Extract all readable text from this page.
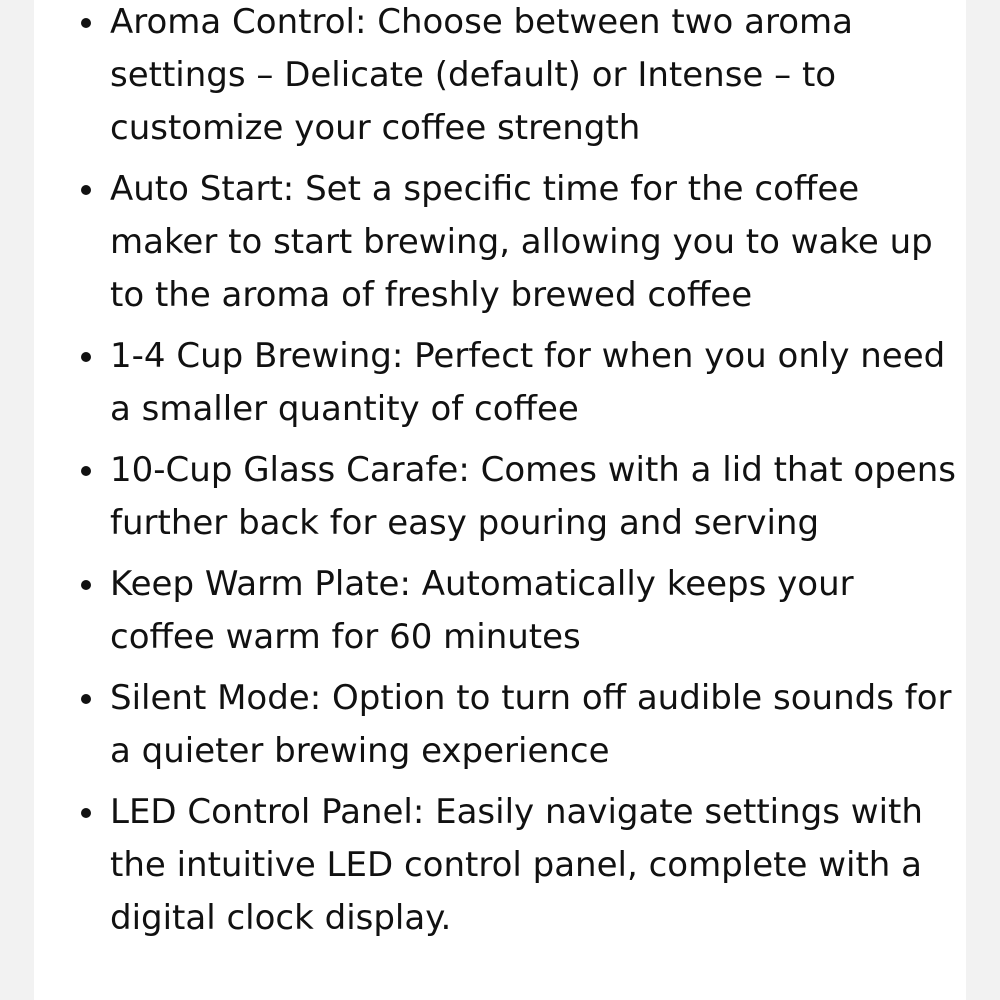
Aroma Control: Choose between two aroma settings – Delicate (default) or Intense – to customize your coffee strength
Auto Start: Set a specific time for the coffee maker to start brewing, allowing you to wake up to the aroma of freshly brewed coffee
1-4 Cup Brewing: Perfect for when you only need a smaller quantity of coffee
10-Cup Glass Carafe: Comes with a lid that opens further back for easy pouring and serving
Keep Warm Plate: Automatically keeps your coffee warm for 60 minutes
Silent Mode: Option to turn off audible sounds for a quieter brewing experience
LED Control Panel: Easily navigate settings with the intuitive LED control panel, complete with a digital clock display.
